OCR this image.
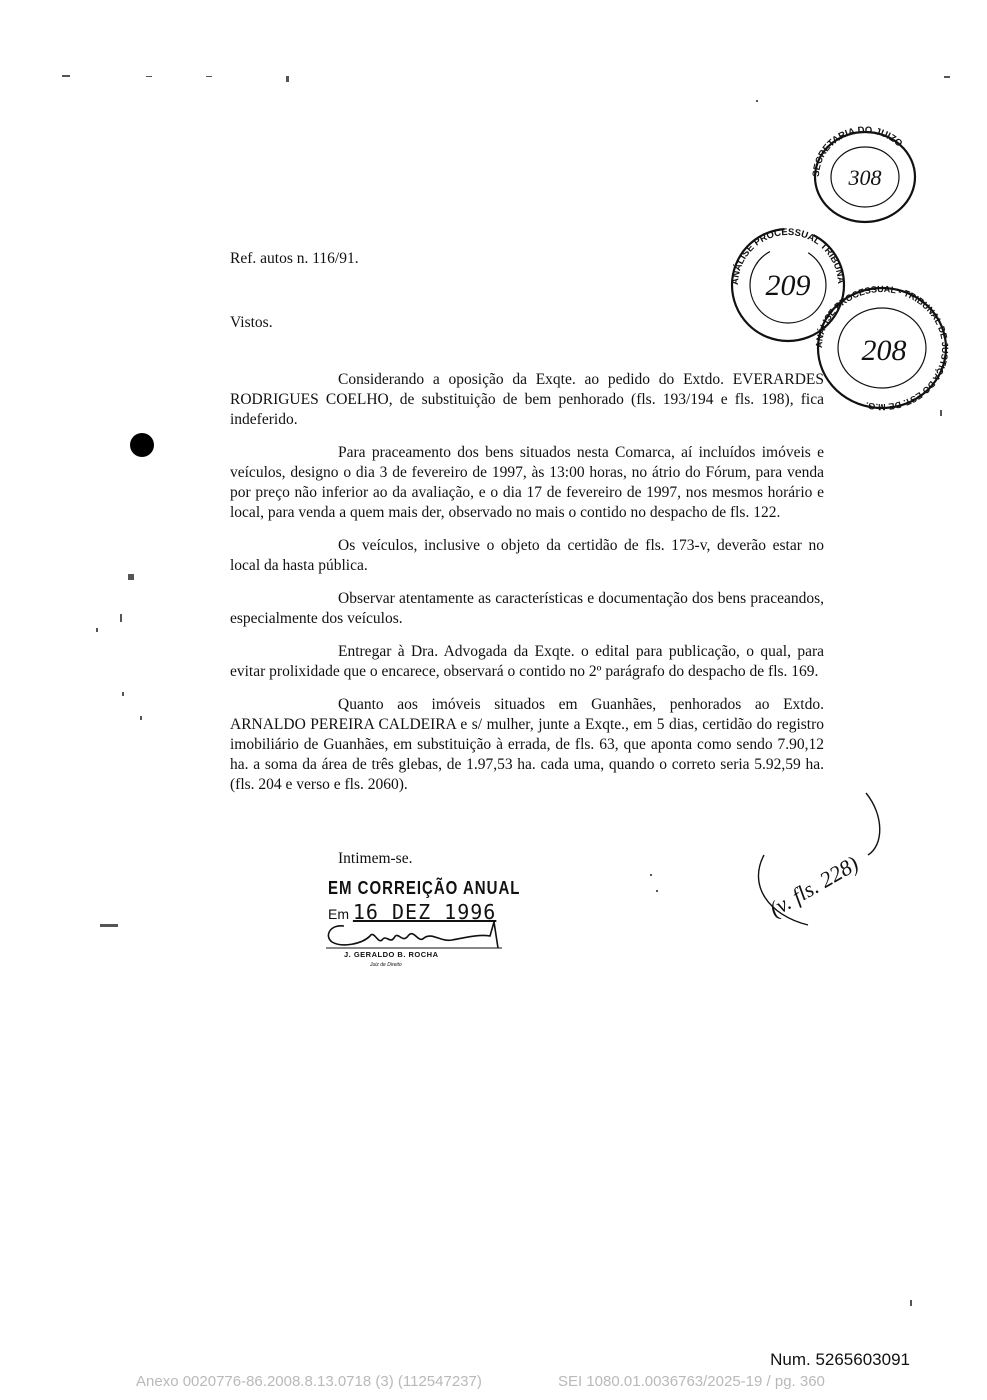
SECRETARIA DO JUIZO
308
ANÁLISE PROCESSUAL TRIBUNAL
209
ANÁLISE PROCESSUAL - TRIBUNAL DE JUSTIÇA DO EST. DE M.G.
208
Ref. autos n. 116/91.
Vistos.

Considerando a oposição da Exqte. ao pedido do Extdo. EVERARDES RODRIGUES COELHO, de substituição de bem penhorado (fls. 193/194 e fls. 198), fica indeferido.

Para praceamento dos bens situados nesta Comarca, aí incluídos imóveis e veículos, designo o dia 3 de fevereiro de 1997, às 13:00 horas, no átrio do Fórum, para venda por preço não inferior ao da avaliação, e o dia 17 de fevereiro de 1997, nos mesmos horário e local, para venda a quem mais der, observado no mais o contido no despacho de fls. 122.

Os veículos, inclusive o objeto da certidão de fls. 173-v, deverão estar no local da hasta pública.

Observar atentamente as características e documentação dos bens praceandos, especialmente dos veículos.

Entregar à Dra. Advogada da Exqte. o edital para publicação, o qual, para evitar prolixidade que o encarece, observará o contido no 2º parágrafo do despacho de fls. 169.

Quanto aos imóveis situados em Guanhães, penhorados ao Extdo. ARNALDO PEREIRA CALDEIRA e s/ mulher, junte a Exqte., em 5 dias, certidão do registro imobiliário de Guanhães, em substituição à errada, de fls. 63, que aponta como sendo 7.90,12 ha. a soma da área de três glebas, de 1.97,53 ha. cada uma, quando o correto seria 5.92,59 ha. (fls. 204 e verso e fls. 2060).

Intimem-se.
EM CORREIÇÃO ANUAL
Em 16 DEZ 1996
J. GERALDO B. ROCHA
Juiz de Direito
(v. fls. 228)
Num. 5265603091
Anexo 0020776-86.2008.8.13.0718 (3) (112547237)	SEI 1080.01.0036763/2025-19 / pg. 360
